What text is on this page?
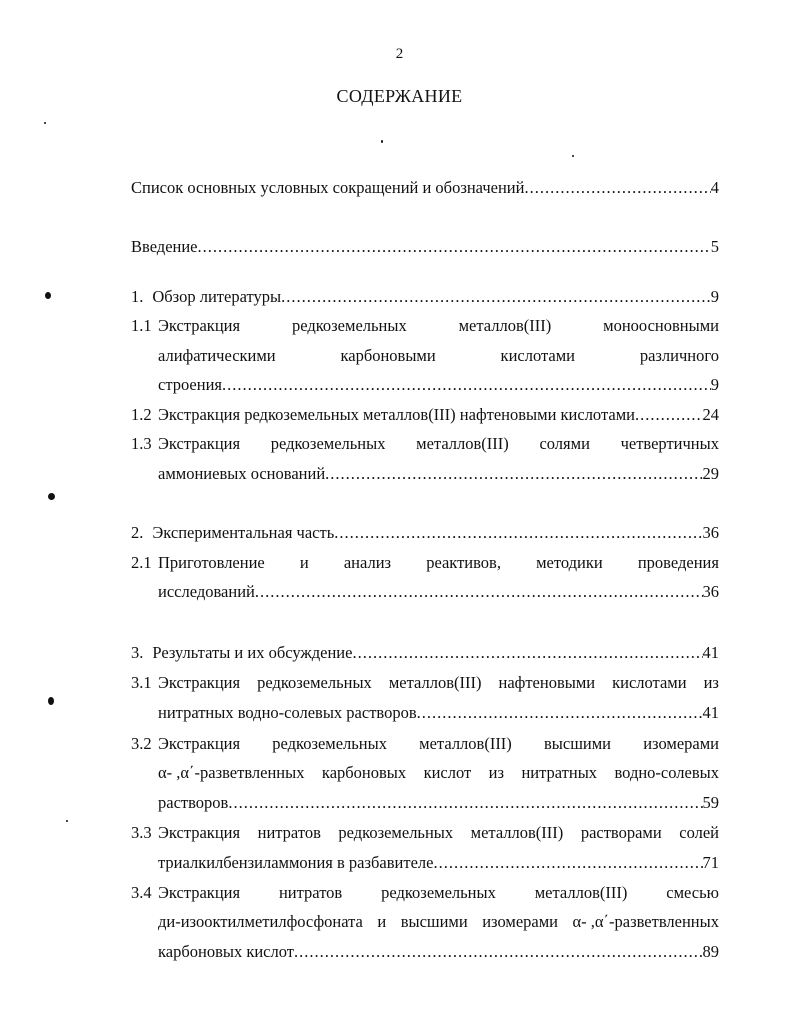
2
СОДЕРЖАНИЕ
Список основных условных сокращений и обозначений .....	4
Введение .....	5
1. Обзор литературы .....	9
1.1 Экстракция	редкоземельных	металлов(III)	моноосновными
алифатическими	карбоновыми	кислотами	различного
строения .....	9
1.2 Экстракция редкоземельных металлов(III) нафтеновыми кислотами .....	24
1.3 Экстракция редкоземельных металлов(III) солями четвертичных
аммониевых оснований .....	29
2. Экспериментальная часть .....	36
2.1 Приготовление и анализ реактивов, методики проведения
исследований .....	36
3. Результаты и их обсуждение .....	41
3.1 Экстракция редкоземельных металлов(III) нафтеновыми кислотами из
нитратных водно-солевых растворов .....	41
3.2 Экстракция редкоземельных металлов(III) высшими изомерами
α- ,α΄-разветвленных карбоновых кислот из нитратных водно-солевых
растворов .....	59
3.3 Экстракция нитратов редкоземельных металлов(III) растворами солей
триалкилбензиламмония в разбавителе .....	71
3.4 Экстракция нитратов редкоземельных металлов(III) смесью
ди-изооктилметилфосфоната и высшими изомерами α- ,α΄-разветвленных
карбоновых кислот .....	89
